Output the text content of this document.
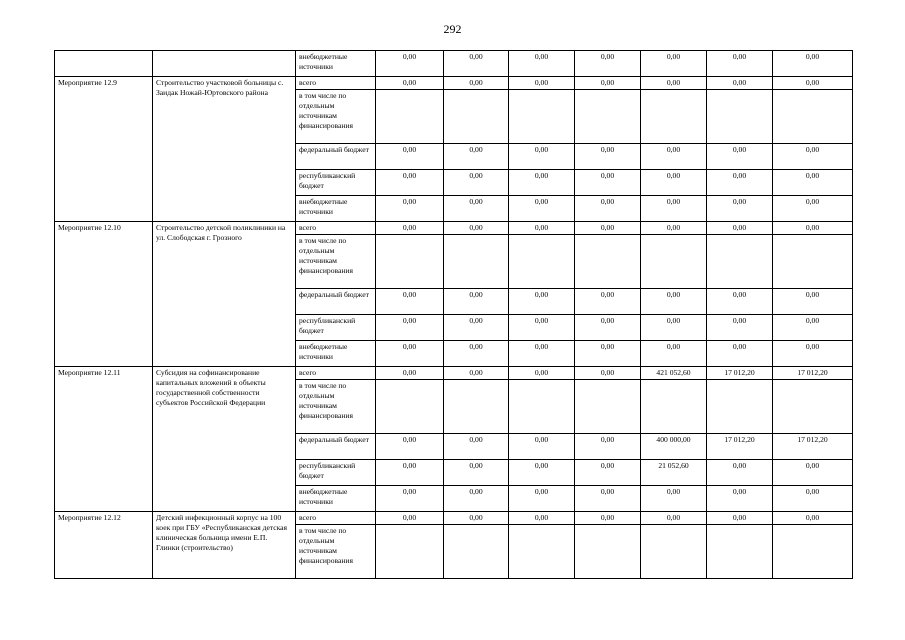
292
		внебюджетные источники	0,00	0,00	0,00	0,00	0,00	0,00	0,00
Мероприятие 12.9	Строительство участковой больницы с. Заидак Ножай-Юртовского района	всего	0,00	0,00	0,00	0,00	0,00	0,00	0,00
		в том числе по отдельным источникам финансирования							
		федеральный бюджет	0,00	0,00	0,00	0,00	0,00	0,00	0,00
		республиканский бюджет	0,00	0,00	0,00	0,00	0,00	0,00	0,00
		внебюджетные источники	0,00	0,00	0,00	0,00	0,00	0,00	0,00
Мероприятие 12.10	Строительство детской поликлиники на ул. Слободская г. Грозного	всего	0,00	0,00	0,00	0,00	0,00	0,00	0,00
		в том числе по отдельным источникам финансирования							
		федеральный бюджет	0,00	0,00	0,00	0,00	0,00	0,00	0,00
		республиканский бюджет	0,00	0,00	0,00	0,00	0,00	0,00	0,00
		внебюджетные источники	0,00	0,00	0,00	0,00	0,00	0,00	0,00
Мероприятие 12.11	Субсидия на софинансирование капитальных вложений в объекты государственной собственности субъектов Российской Федерации	всего	0,00	0,00	0,00	0,00	421 052,60	17 012,20	17 012,20
		в том числе по отдельным источникам финансирования							
		федеральный бюджет	0,00	0,00	0,00	0,00	400 000,00	17 012,20	17 012,20
		республиканский бюджет	0,00	0,00	0,00	0,00	21 052,60	0,00	0,00
		внебюджетные источники	0,00	0,00	0,00	0,00	0,00	0,00	0,00
Мероприятие 12.12	Детский инфекционный корпус на 100 коек при ГБУ «Республиканская детская клиническая больница имени Е.П. Глинки (строительство)	всего	0,00	0,00	0,00	0,00	0,00	0,00	0,00
		в том числе по отдельным источникам финансирования							
